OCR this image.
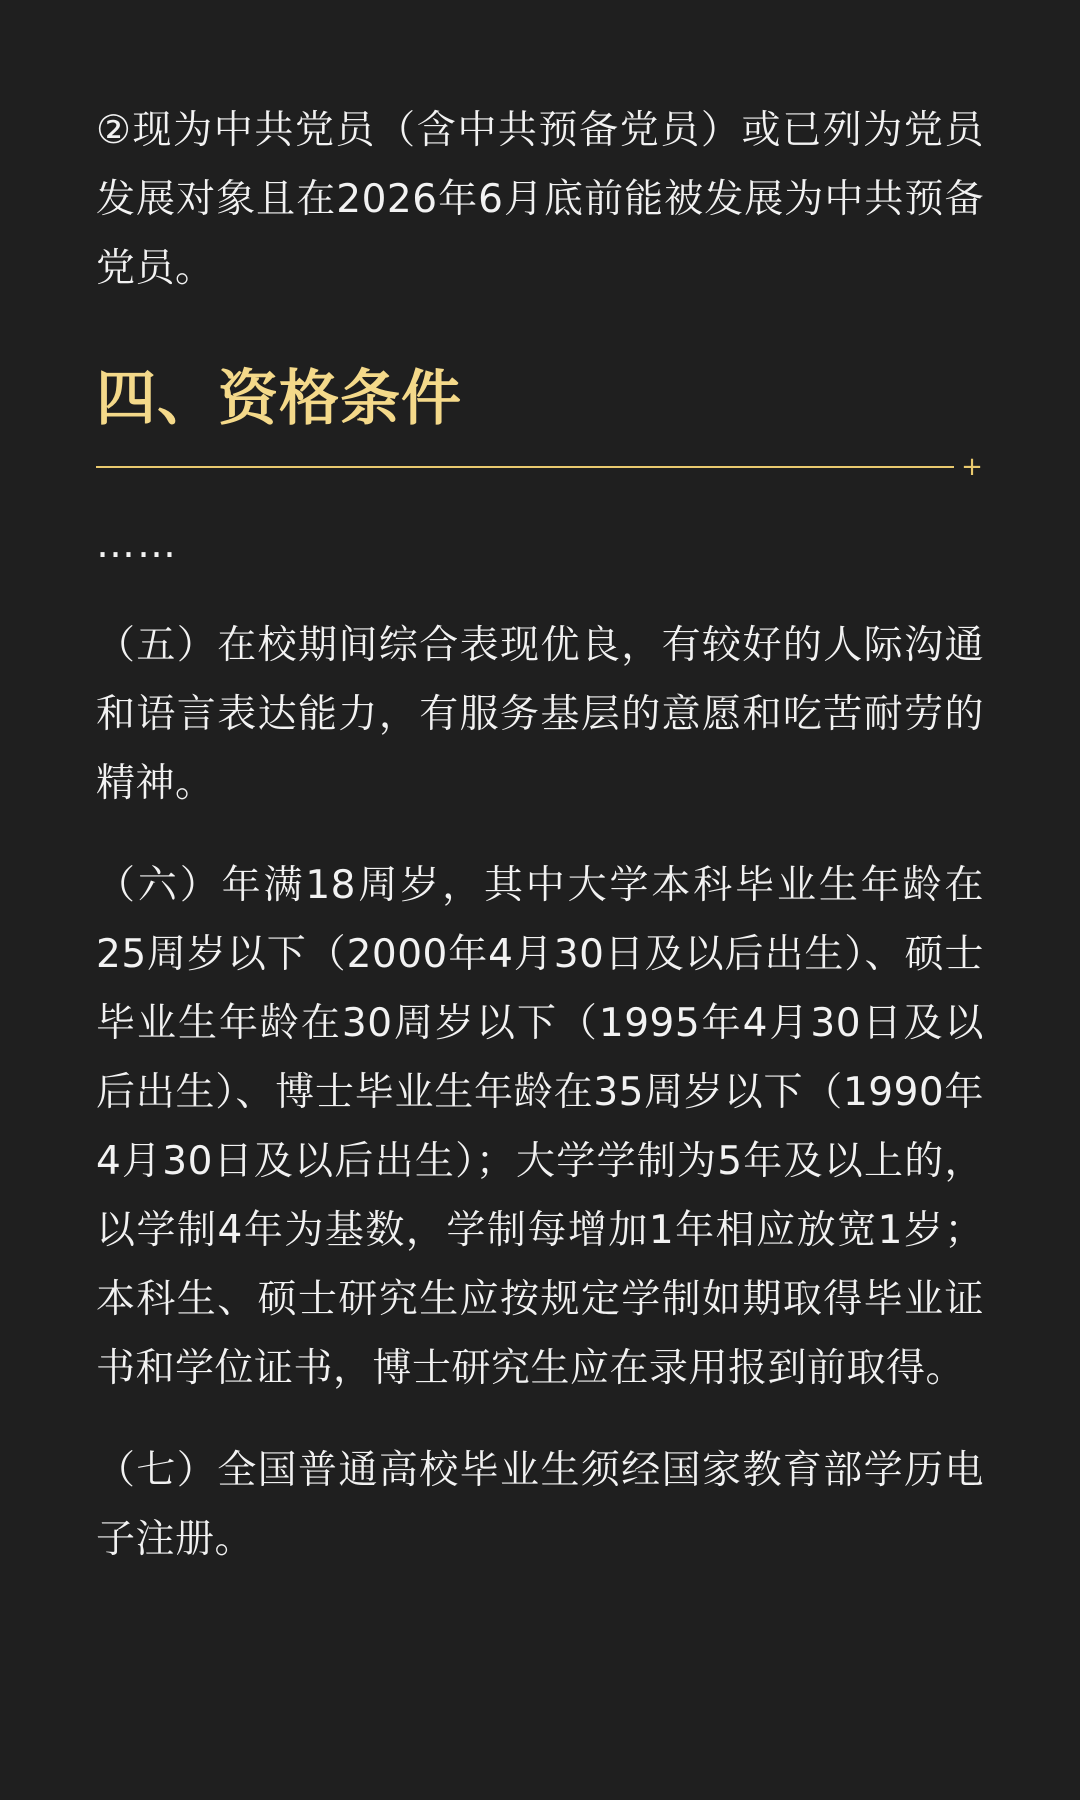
②现为中共党员（含中共预备党员）或已列为党员发展对象且在2026年6月底前能被发展为中共预备党员。

四、资格条件
+
……

（五）在校期间综合表现优良，有较好的人际沟通和语言表达能力，有服务基层的意愿和吃苦耐劳的精神。

（六）年满18周岁，其中大学本科毕业生年龄在25周岁以下（2000年4月30日及以后出生）、硕士毕业生年龄在30周岁以下（1995年4月30日及以后出生）、博士毕业生年龄在35周岁以下（1990年4月30日及以后出生）；大学学制为5年及以上的，以学制4年为基数，学制每增加1年相应放宽1岁；本科生、硕士研究生应按规定学制如期取得毕业证书和学位证书，博士研究生应在录用报到前取得。

（七）全国普通高校毕业生须经国家教育部学历电子注册。
